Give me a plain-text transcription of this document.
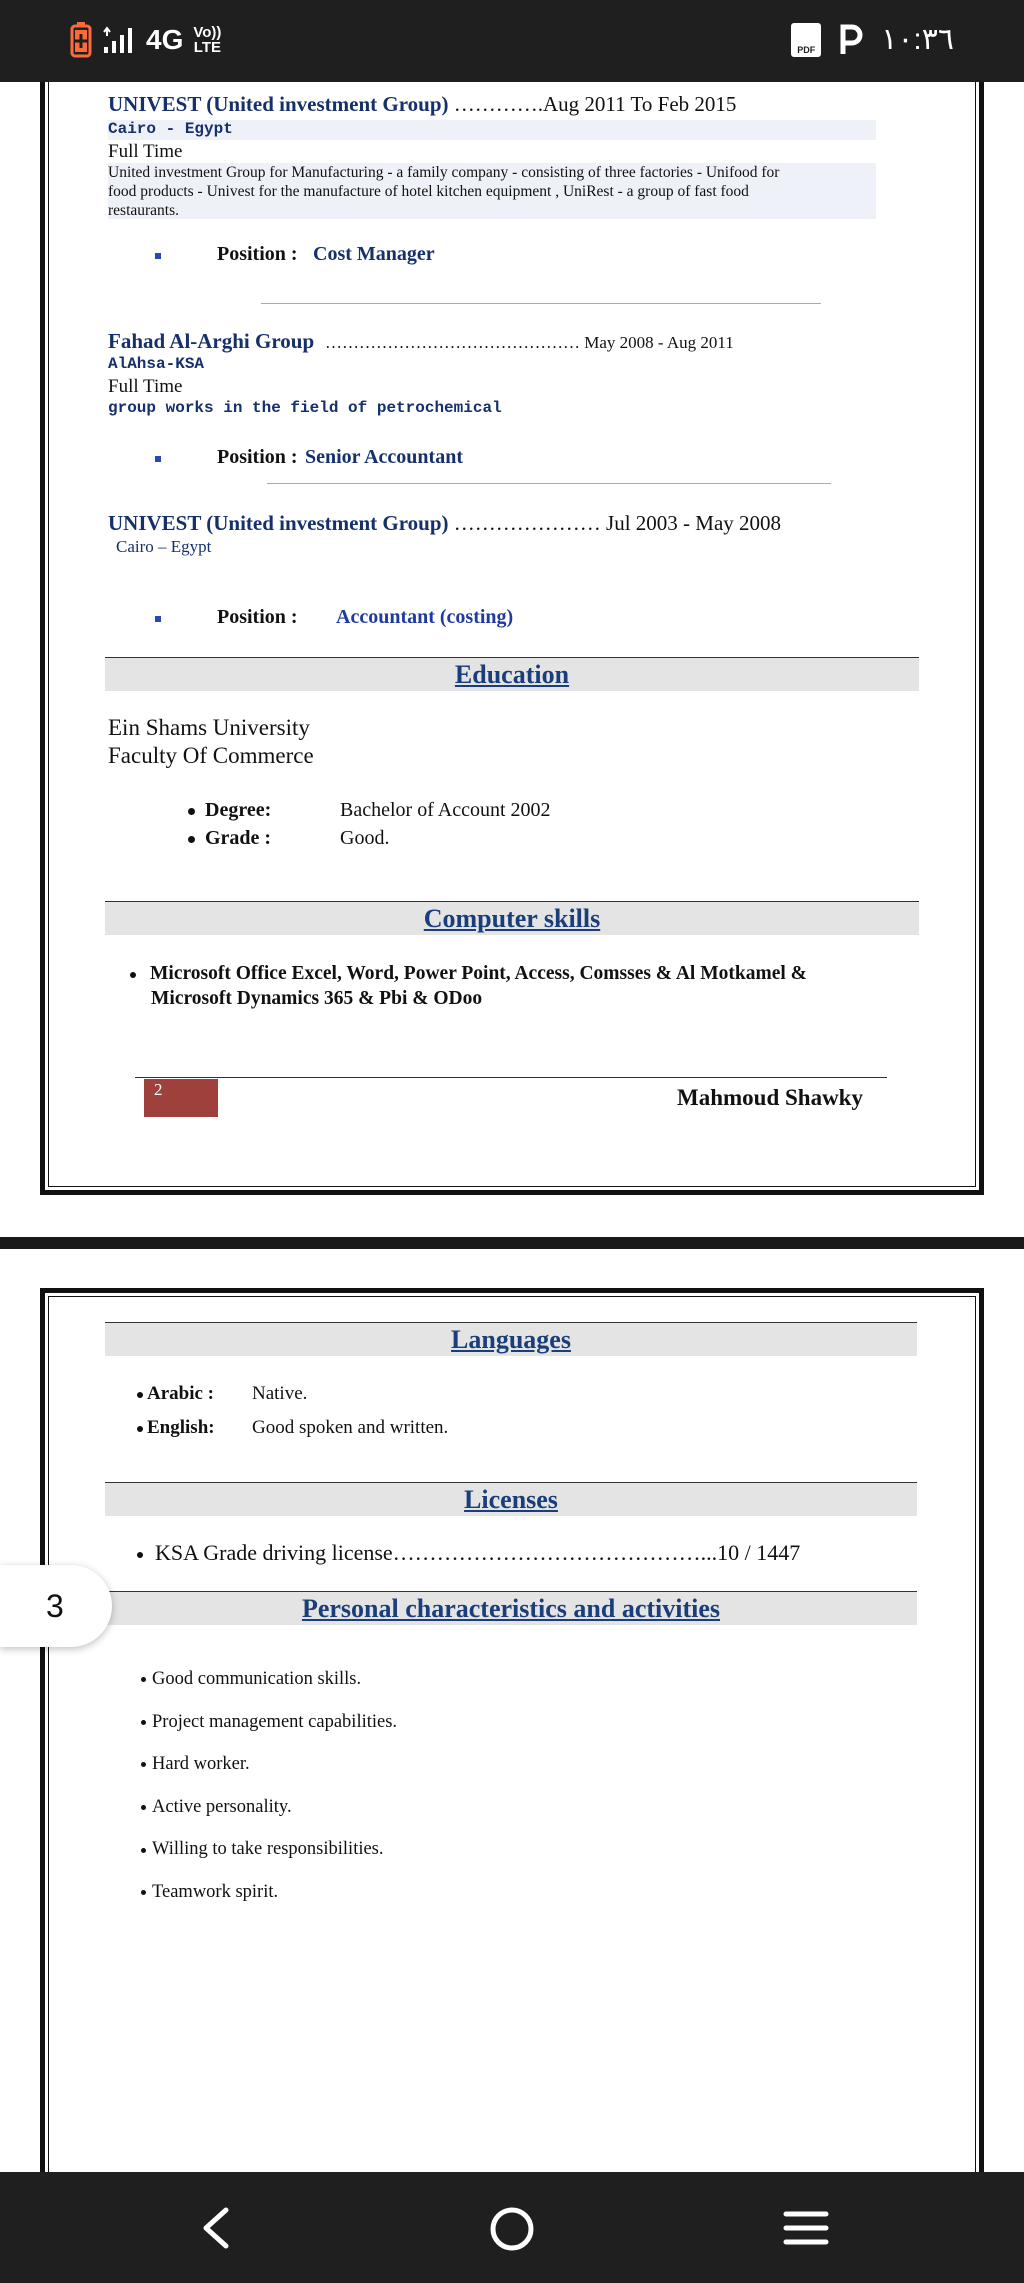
4G Vo))
LTE	PDF ١٠:٣٦
UNIVEST (United investment Group) ………….Aug 2011 To Feb 2015
Cairo - Egypt
Full Time
United investment Group for Manufacturing - a family company - consisting of three factories - Unifood for
food products - Univest for the manufacture of hotel kitchen equipment , UniRest - a group of fast food
restaurants.
Position : Cost Manager
Fahad Al-Arghi Group ……………………………………… May 2008 - Aug 2011
AlAhsa-KSA
Full Time
group works in the field of petrochemical
Position : Senior Accountant
UNIVEST (United investment Group) ………………… Jul 2003 - May 2008
Cairo – Egypt
Position : Accountant (costing)
Education
Ein Shams University
Faculty Of Commerce
Degree:	Bachelor of Account 2002
Grade :	Good.
Computer skills
Microsoft Office Excel, Word, Power Point, Access, Comsses & Al Motkamel &
Microsoft Dynamics 365 & Pbi & ODoo
2	Mahmoud Shawky
Languages
Arabic : Native.
English: Good spoken and written.
Licenses
KSA Grade driving license……………………………………...10 / 1447
Personal characteristics and activities
Good communication skills.
Project management capabilities.
Hard worker.
Active personality.
Willing to take responsibilities.
Teamwork spirit.
3
